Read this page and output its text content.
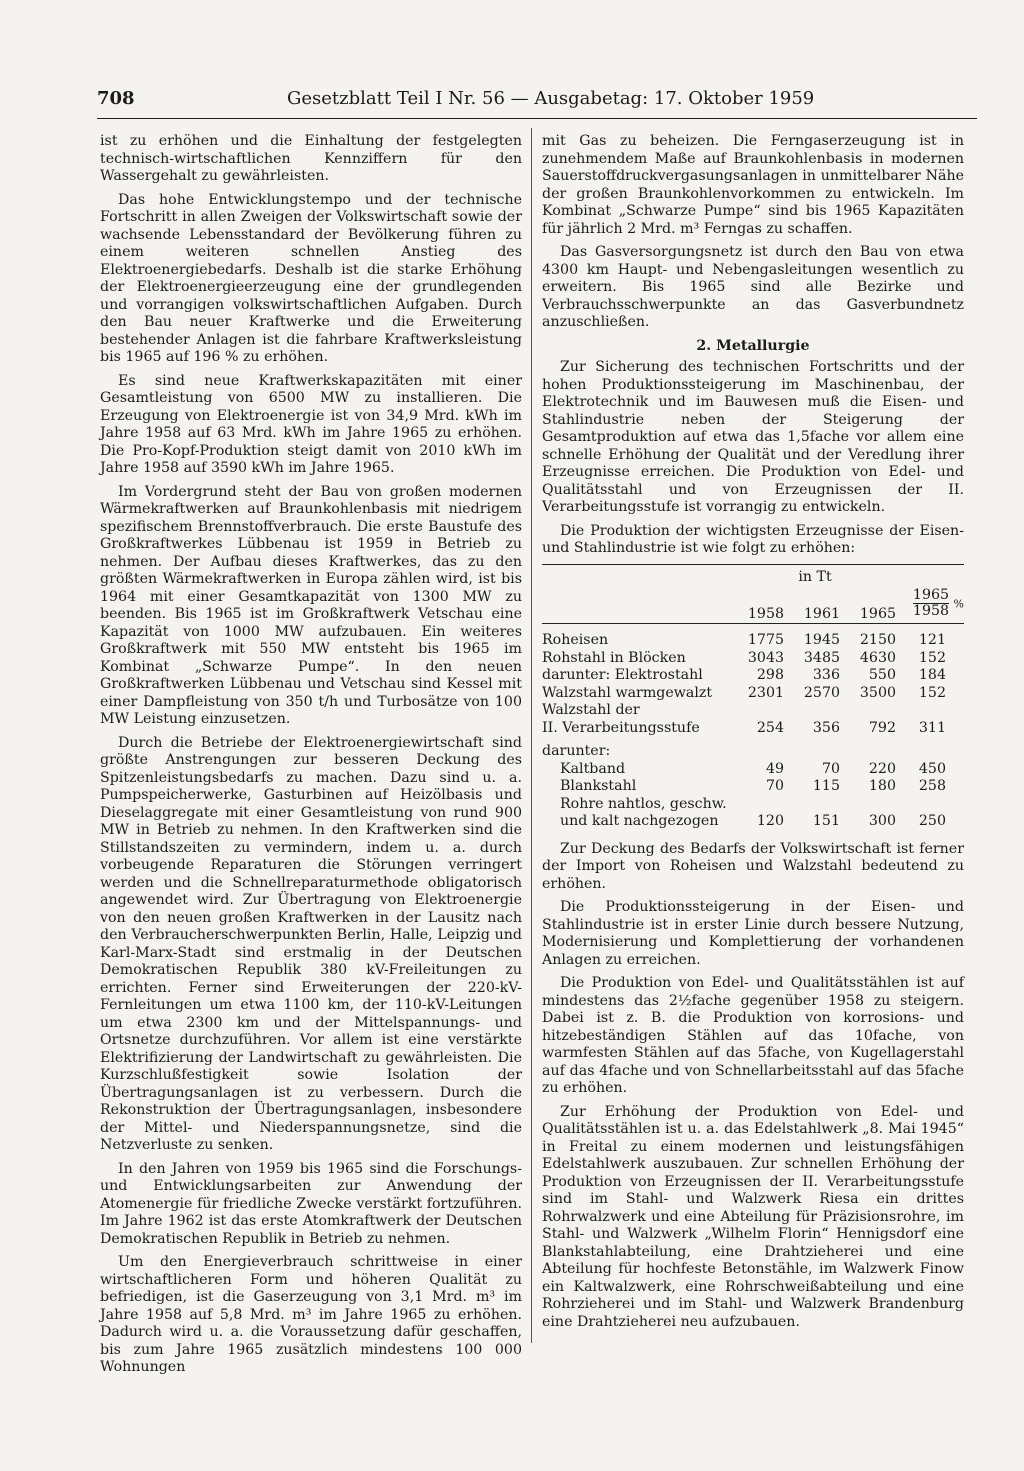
708	Gesetzblatt Teil I Nr. 56 — Ausgabetag: 17. Oktober 1959

ist zu erhöhen und die Einhaltung der festgelegten technisch-wirtschaftlichen Kennziffern für den Wassergehalt zu gewährleisten.

Das hohe Entwicklungstempo und der technische Fortschritt in allen Zweigen der Volkswirtschaft sowie der wachsende Lebensstandard der Bevölkerung führen zu einem weiteren schnellen Anstieg des Elektroenergiebedarfs. Deshalb ist die starke Erhöhung der Elektroenergieerzeugung eine der grundlegenden und vorrangigen volkswirtschaftlichen Aufgaben. Durch den Bau neuer Kraftwerke und die Erweiterung bestehender Anlagen ist die fahrbare Kraftwerksleistung bis 1965 auf 196 % zu erhöhen.

Es sind neue Kraftwerkskapazitäten mit einer Gesamtleistung von 6500 MW zu installieren. Die Erzeugung von Elektroenergie ist von 34,9 Mrd. kWh im Jahre 1958 auf 63 Mrd. kWh im Jahre 1965 zu erhöhen. Die Pro-Kopf-Produktion steigt damit von 2010 kWh im Jahre 1958 auf 3590 kWh im Jahre 1965.

Im Vordergrund steht der Bau von großen modernen Wärmekraftwerken auf Braunkohlenbasis mit niedrigem spezifischem Brennstoffverbrauch. Die erste Baustufe des Großkraftwerkes Lübbenau ist 1959 in Betrieb zu nehmen. Der Aufbau dieses Kraftwerkes, das zu den größten Wärmekraftwerken in Europa zählen wird, ist bis 1964 mit einer Gesamtkapazität von 1300 MW zu beenden. Bis 1965 ist im Großkraftwerk Vetschau eine Kapazität von 1000 MW aufzubauen. Ein weiteres Großkraftwerk mit 550 MW entsteht bis 1965 im Kombinat „Schwarze Pumpe“. In den neuen Großkraftwerken Lübbenau und Vetschau sind Kessel mit einer Dampfleistung von 350 t/h und Turbosätze von 100 MW Leistung einzusetzen.

Durch die Betriebe der Elektroenergiewirtschaft sind größte Anstrengungen zur besseren Deckung des Spitzenleistungsbedarfs zu machen. Dazu sind u. a. Pumpspeicherwerke, Gasturbinen auf Heizölbasis und Dieselaggregate mit einer Gesamtleistung von rund 900 MW in Betrieb zu nehmen. In den Kraftwerken sind die Stillstandszeiten zu vermindern, indem u. a. durch vorbeugende Reparaturen die Störungen verringert werden und die Schnellreparaturmethode obligatorisch angewendet wird. Zur Übertragung von Elektroenergie von den neuen großen Kraftwerken in der Lausitz nach den Verbraucherschwerpunkten Berlin, Halle, Leipzig und Karl-Marx-Stadt sind erstmalig in der Deutschen Demokratischen Republik 380 kV-Freileitungen zu errichten. Ferner sind Erweiterungen der 220-kV-Fernleitungen um etwa 1100 km, der 110-kV-Leitungen um etwa 2300 km und der Mittelspannungs- und Ortsnetze durchzuführen. Vor allem ist eine verstärkte Elektrifizierung der Landwirtschaft zu gewährleisten. Die Kurzschlußfestigkeit sowie Isolation der Übertragungsanlagen ist zu verbessern. Durch die Rekonstruktion der Übertragungsanlagen, insbesondere der Mittel- und Niederspannungsnetze, sind die Netzverluste zu senken.

In den Jahren von 1959 bis 1965 sind die Forschungs- und Entwicklungsarbeiten zur Anwendung der Atomenergie für friedliche Zwecke verstärkt fortzuführen. Im Jahre 1962 ist das erste Atomkraftwerk der Deutschen Demokratischen Republik in Betrieb zu nehmen.

Um den Energieverbrauch schrittweise in einer wirtschaftlicheren Form und höheren Qualität zu befriedigen, ist die Gaserzeugung von 3,1 Mrd. m³ im Jahre 1958 auf 5,8 Mrd. m³ im Jahre 1965 zu erhöhen. Dadurch wird u. a. die Voraussetzung dafür geschaffen, bis zum Jahre 1965 zusätzlich mindestens 100 000 Wohnungen

mit Gas zu beheizen. Die Ferngaserzeugung ist in zunehmendem Maße auf Braunkohlenbasis in modernen Sauerstoffdruckvergasungsanlagen in unmittelbarer Nähe der großen Braunkohlenvorkommen zu entwickeln. Im Kombinat „Schwarze Pumpe“ sind bis 1965 Kapazitäten für jährlich 2 Mrd. m³ Ferngas zu schaffen.

Das Gasversorgungsnetz ist durch den Bau von etwa 4300 km Haupt- und Nebengasleitungen wesentlich zu erweitern. Bis 1965 sind alle Bezirke und Verbrauchsschwerpunkte an das Gasverbundnetz anzuschließen.

2. Metallurgie

Zur Sicherung des technischen Fortschritts und der hohen Produktionssteigerung im Maschinenbau, der Elektrotechnik und im Bauwesen muß die Eisen- und Stahlindustrie neben der Steigerung der Gesamtproduktion auf etwa das 1,5fache vor allem eine schnelle Erhöhung der Qualität und der Veredlung ihrer Erzeugnisse erreichen. Die Produktion von Edel- und Qualitätsstahl und von Erzeugnissen der II. Verarbeitungsstufe ist vorrangig zu entwickeln.

Die Produktion der wichtigsten Erzeugnisse der Eisen- und Stahlindustrie ist wie folgt zu erhöhen:

	in Tt			
	1958	1961	1965	$\frac{1965}{1958}$ %

Roheisen	1775	1945	2150	121
Rohstahl in Blöcken	3043	3485	4630	152
darunter: Elektrostahl	298	336	550	184
Walzstahl warmgewalzt	2301	2570	3500	152
Walzstahl der				
II. Verarbeitungsstufe	254	356	792	311

darunter:				
Kaltband	49	70	220	450
Blankstahl	70	115	180	258
Rohre nahtlos, geschw.				
und kalt nachgezogen	120	151	300	250

Zur Deckung des Bedarfs der Volkswirtschaft ist ferner der Import von Roheisen und Walzstahl bedeutend zu erhöhen.

Die Produktionssteigerung in der Eisen- und Stahlindustrie ist in erster Linie durch bessere Nutzung, Modernisierung und Komplettierung der vorhandenen Anlagen zu erreichen.

Die Produktion von Edel- und Qualitätsstählen ist auf mindestens das 2½fache gegenüber 1958 zu steigern. Dabei ist z. B. die Produktion von korrosions- und hitzebeständigen Stählen auf das 10fache, von warmfesten Stählen auf das 5fache, von Kugellagerstahl auf das 4fache und von Schnellarbeitsstahl auf das 5fache zu erhöhen.

Zur Erhöhung der Produktion von Edel- und Qualitätsstählen ist u. a. das Edelstahlwerk „8. Mai 1945“ in Freital zu einem modernen und leistungsfähigen Edelstahlwerk auszubauen. Zur schnellen Erhöhung der Produktion von Erzeugnissen der II. Verarbeitungsstufe sind im Stahl- und Walzwerk Riesa ein drittes Rohrwalzwerk und eine Abteilung für Präzisionsrohre, im Stahl- und Walzwerk „Wilhelm Florin“ Hennigsdorf eine Blankstahlabteilung, eine Drahtzieherei und eine Abteilung für hochfeste Betonstähle, im Walzwerk Finow ein Kaltwalzwerk, eine Rohrschweißabteilung und eine Rohrzieherei und im Stahl- und Walzwerk Brandenburg eine Drahtzieherei neu aufzubauen.
